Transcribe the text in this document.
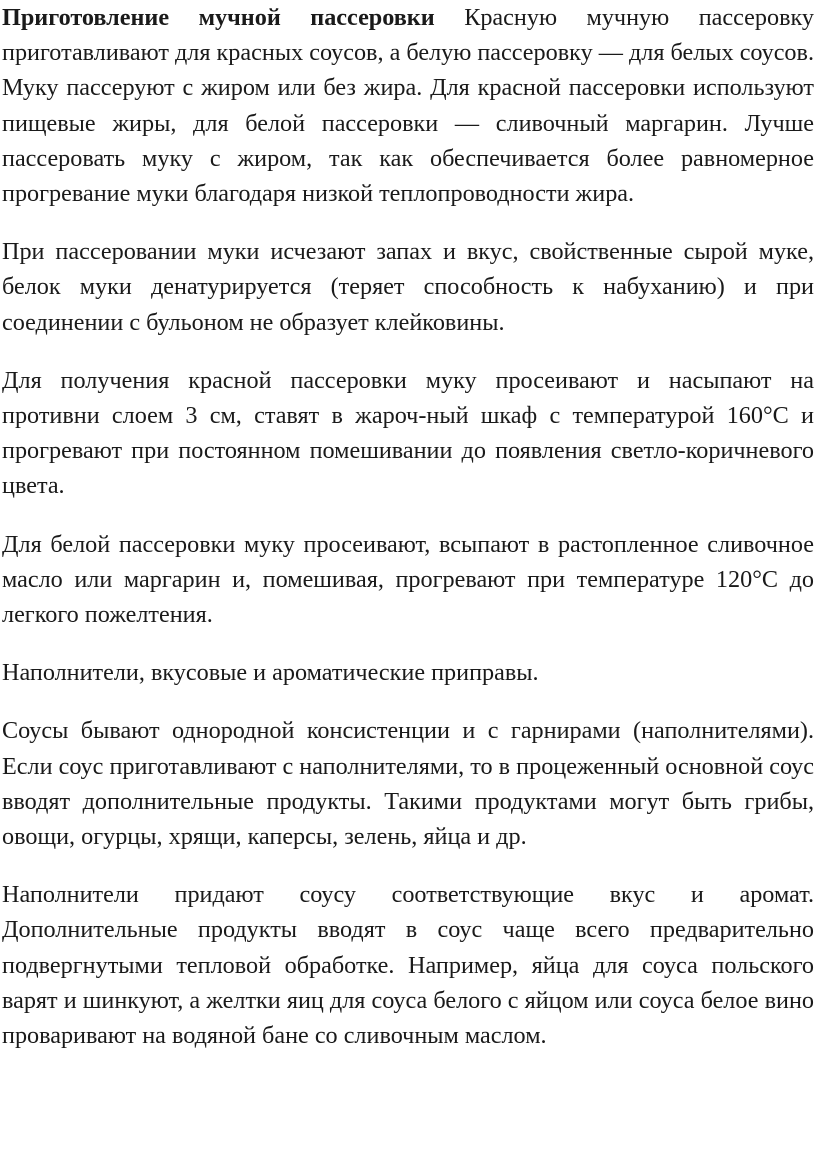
Приготовление мучной пассеровки Красную мучную пассеровку приготавливают для красных соусов, а белую пассеровку — для белых соусов. Муку пассеруют с жиром или без жира. Для красной пассеровки используют пищевые жиры, для белой пассеровки — сливочный маргарин. Лучше пассеровать муку с жиром, так как обеспечивается более равномерное прогревание муки благодаря низкой теплопроводности жира.

При пассеровании муки исчезают запах и вкус, свойственные сырой муке, белок муки денатурируется (теряет способность к набуханию) и при соединении с бульоном не образует клейковины.

Для получения красной пассеровки муку просеивают и насыпают на противни слоем 3 см, ставят в жароч-ный шкаф с температурой 160°С и прогревают при постоянном помешивании до появления светло-коричневого цвета.

Для белой пассеровки муку просеивают, всыпают в растопленное сливочное масло или маргарин и, помешивая, прогревают при температуре 120°С до легкого пожелтения.

Наполнители, вкусовые и ароматические приправы.

Соусы бывают однородной консистенции и с гарнирами (наполнителями). Если соус приготавливают с наполнителями, то в процеженный основной соус вводят дополнительные продукты. Такими продуктами могут быть грибы, овощи, огурцы, хрящи, каперсы, зелень, яйца и др.

Наполнители придают соусу соответствующие вкус и аромат. Дополнительные продукты вводят в соус чаще всего предварительно подвергнутыми тепловой обработке. Например, яйца для соуса польского варят и шинкуют, а желтки яиц для соуса белого с яйцом или соуса белое вино проваривают на водяной бане со сливочным маслом.
